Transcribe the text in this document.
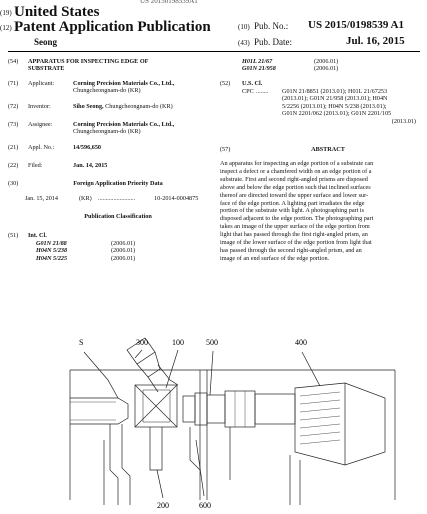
US 20150198539A1
(19) United States
(12) Patent Application Publication
Seong
(10) Pub. No.: US 2015/0198539 A1
(43) Pub. Date:	Jul. 16, 2015
(54) APPARATUS FOR INSPECTING EDGE OF
SUBSTRATE
(71) Applicant:	Corning Precision Materials Co., Ltd.,
Chungcheongnam-do (KR)
(72) Inventor:	Siho Seong, Chungcheongnam-do (KR)
(73) Assignee:	Corning Precision Materials Co., Ltd.,
Chungcheongnam-do (KR)
(21) Appl. No.:	14/596,650
(22) Filed:	Jan. 14, 2015
(30)	Foreign Application Priority Data
Jan. 15, 2014	(KR) ........................	10-2014-0004875
Publication Classification
(51) Int. Cl.
G01N 21/88	(2006.01)
H04N 5/238	(2006.01)
H04N 5/225	(2006.01)
H01L 21/67	(2006.01)
G01N 21/958	(2006.01)
(52) U.S. Cl.
CPC ........ G01N 21/8851 (2013.01); H01L 21/67253
(2013.01); G01N 21/958 (2013.01); H04N
5/2256 (2013.01); H04N 5/238 (2013.01);
G01N 2201/062 (2013.01); G01N 2201/105
(2013.01)
(57)	ABSTRACT
An apparatus for inspecting an edge portion of a substrate can
inspect a defect or a chamfered width on an edge portion of a
substrate. First and second right-angled prisms are disposed
above and below the edge portion such that inclined surfaces
thereof are directed toward the upper surface and lower sur-
face of the edge portion. A lighting part irradiates the edge
portion of the substrate with light. A photographing part is
disposed adjacent to the edge portion. The photographing part
takes an image of the upper surface of the edge portion from
light that has passed through the first right-angled prism, an
image of the lower surface of the edge portion from light that
has passed through the second right-angled prism, and an
image of an end surface of the edge portion.
S	300	100	500	400
200	600
